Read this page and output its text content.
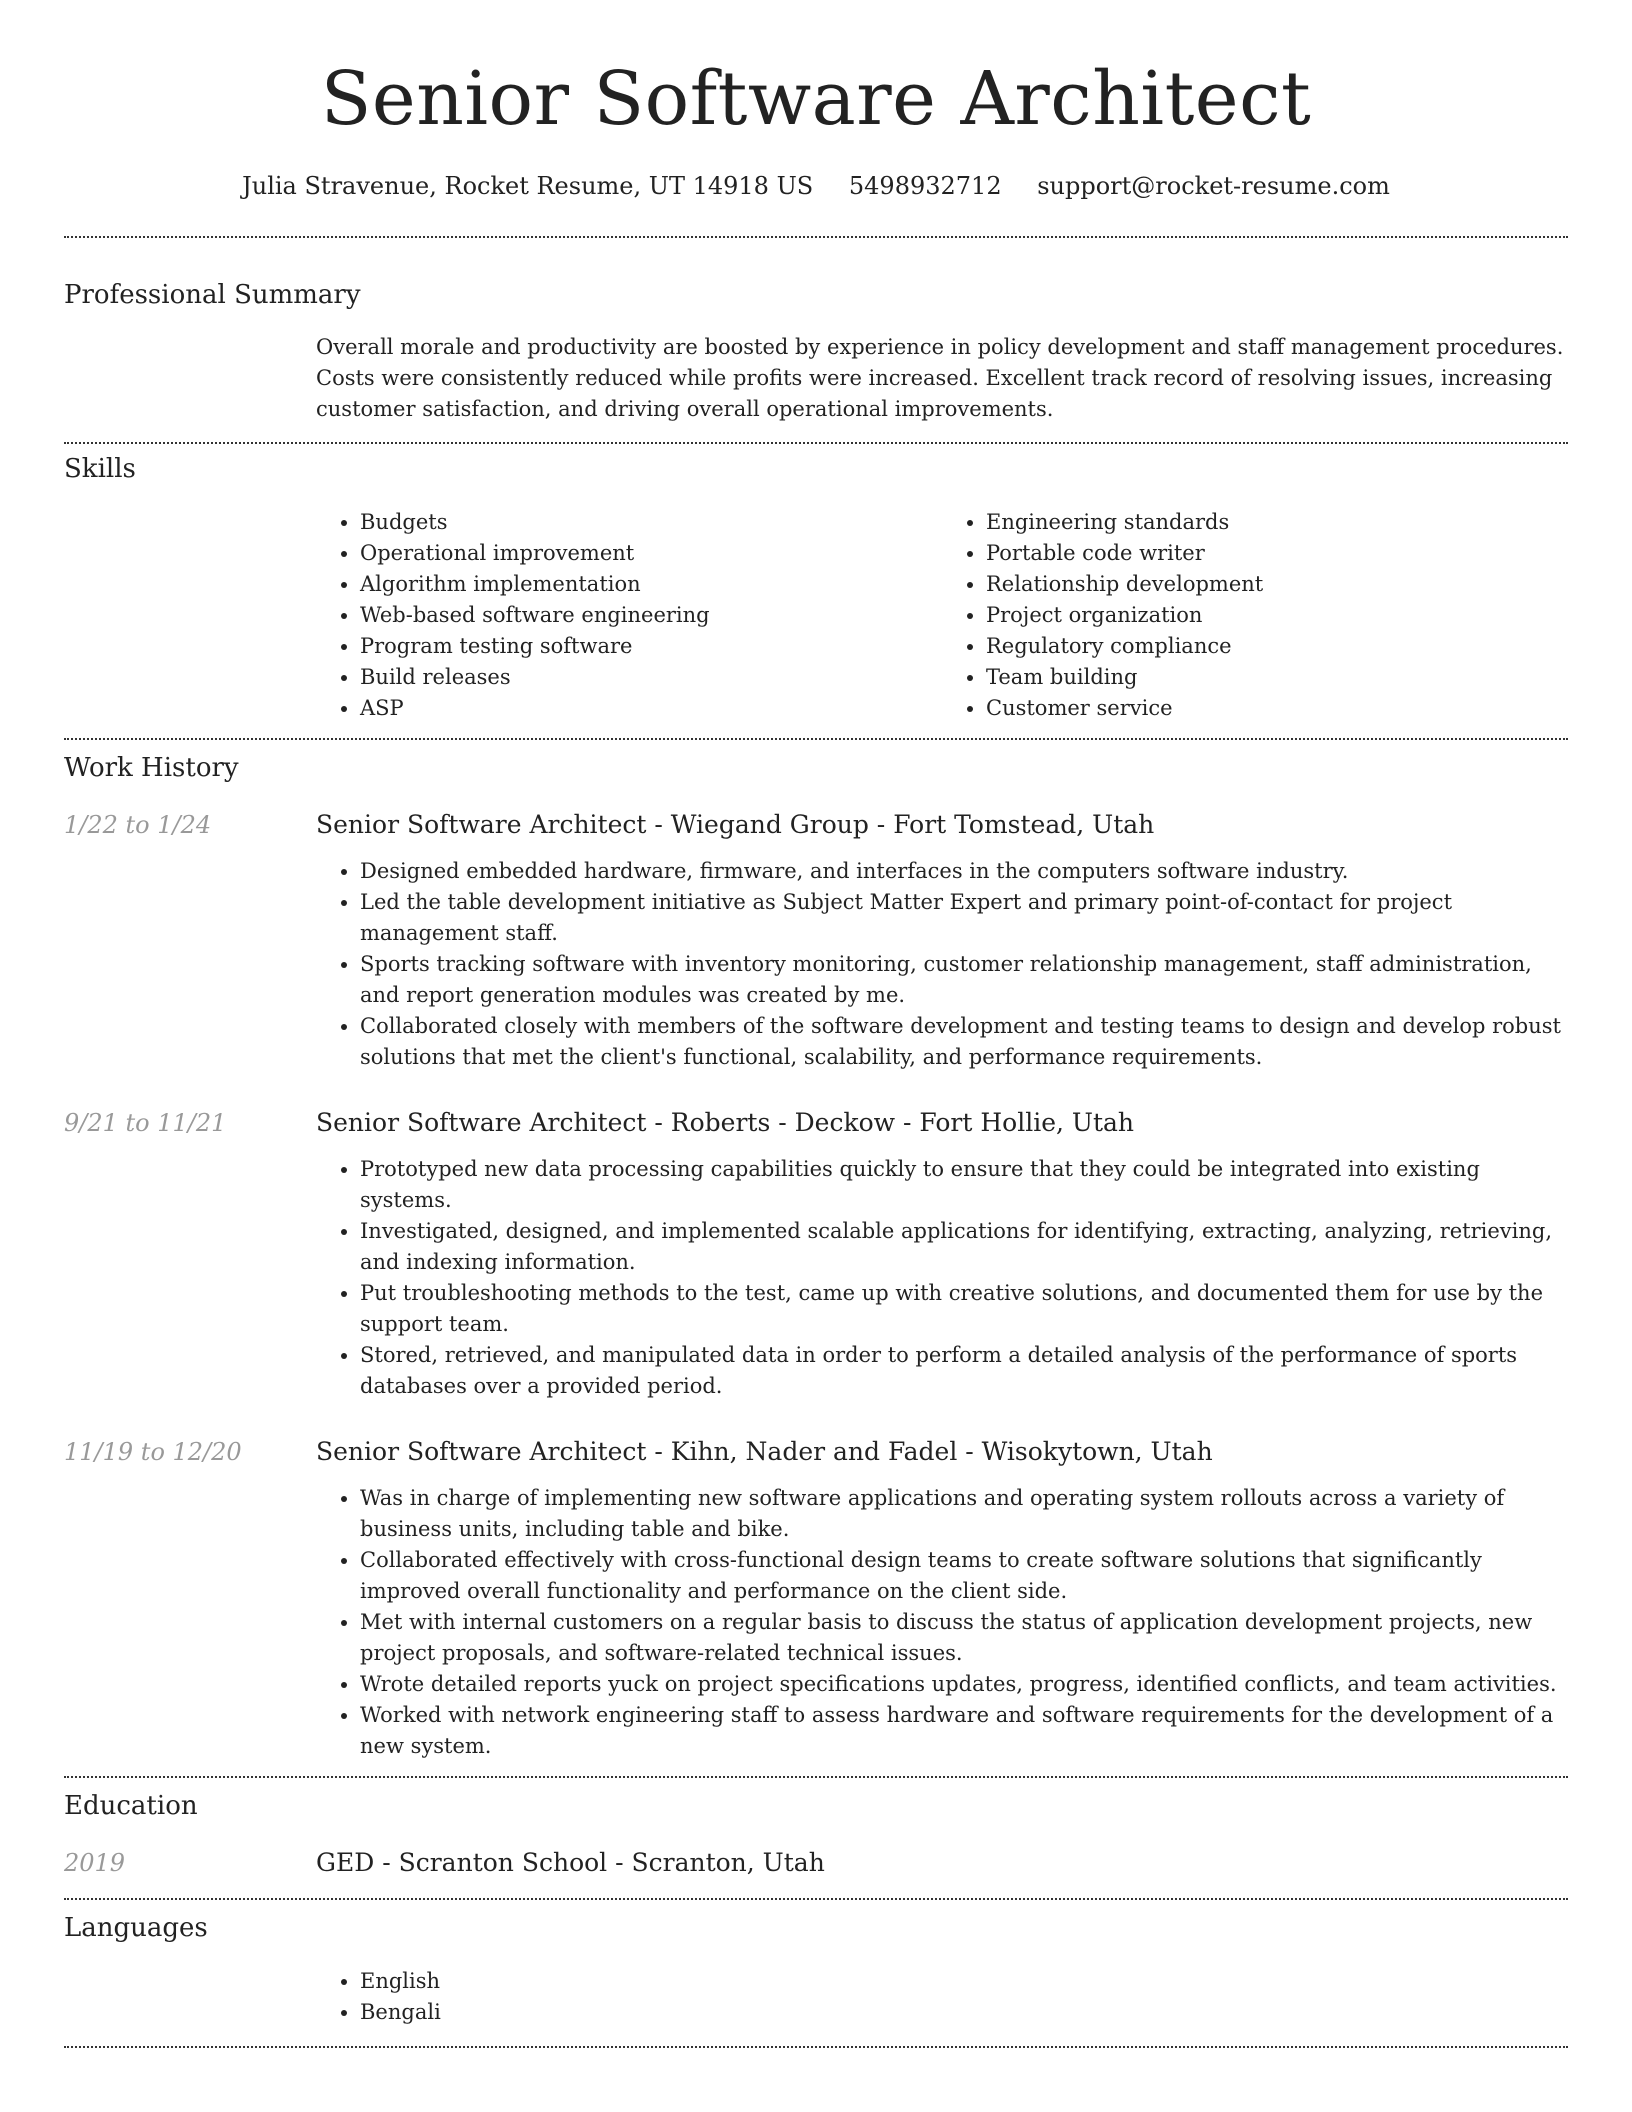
Senior Software Architect
Julia Stravenue, Rocket Resume, UT 14918 US 5498932712 support@rocket-resume.com
Professional Summary
Overall morale and productivity are boosted by experience in policy development and staff management procedures. Costs were consistently reduced while profits were increased. Excellent track record of resolving issues, increasing customer satisfaction, and driving overall operational improvements.
Skills
• Budgets
• Operational improvement
• Algorithm implementation
• Web-based software engineering
• Program testing software
• Build releases
• ASP
• Engineering standards
• Portable code writer
• Relationship development
• Project organization
• Regulatory compliance
• Team building
• Customer service
Work History
1/22 to 1/24	Senior Software Architect - Wiegand Group - Fort Tomstead, Utah
• Designed embedded hardware, firmware, and interfaces in the computers software industry.
• Led the table development initiative as Subject Matter Expert and primary point-of-contact for project management staff.
• Sports tracking software with inventory monitoring, customer relationship management, staff administration, and report generation modules was created by me.
• Collaborated closely with members of the software development and testing teams to design and develop robust solutions that met the client's functional, scalability, and performance requirements.
9/21 to 11/21	Senior Software Architect - Roberts - Deckow - Fort Hollie, Utah
• Prototyped new data processing capabilities quickly to ensure that they could be integrated into existing systems.
• Investigated, designed, and implemented scalable applications for identifying, extracting, analyzing, retrieving, and indexing information.
• Put troubleshooting methods to the test, came up with creative solutions, and documented them for use by the support team.
• Stored, retrieved, and manipulated data in order to perform a detailed analysis of the performance of sports databases over a provided period.
11/19 to 12/20	Senior Software Architect - Kihn, Nader and Fadel - Wisokytown, Utah
• Was in charge of implementing new software applications and operating system rollouts across a variety of business units, including table and bike.
• Collaborated effectively with cross-functional design teams to create software solutions that significantly improved overall functionality and performance on the client side.
• Met with internal customers on a regular basis to discuss the status of application development projects, new project proposals, and software-related technical issues.
• Wrote detailed reports yuck on project specifications updates, progress, identified conflicts, and team activities.
• Worked with network engineering staff to assess hardware and software requirements for the development of a new system.
Education
2019	GED - Scranton School - Scranton, Utah
Languages
• English
• Bengali
